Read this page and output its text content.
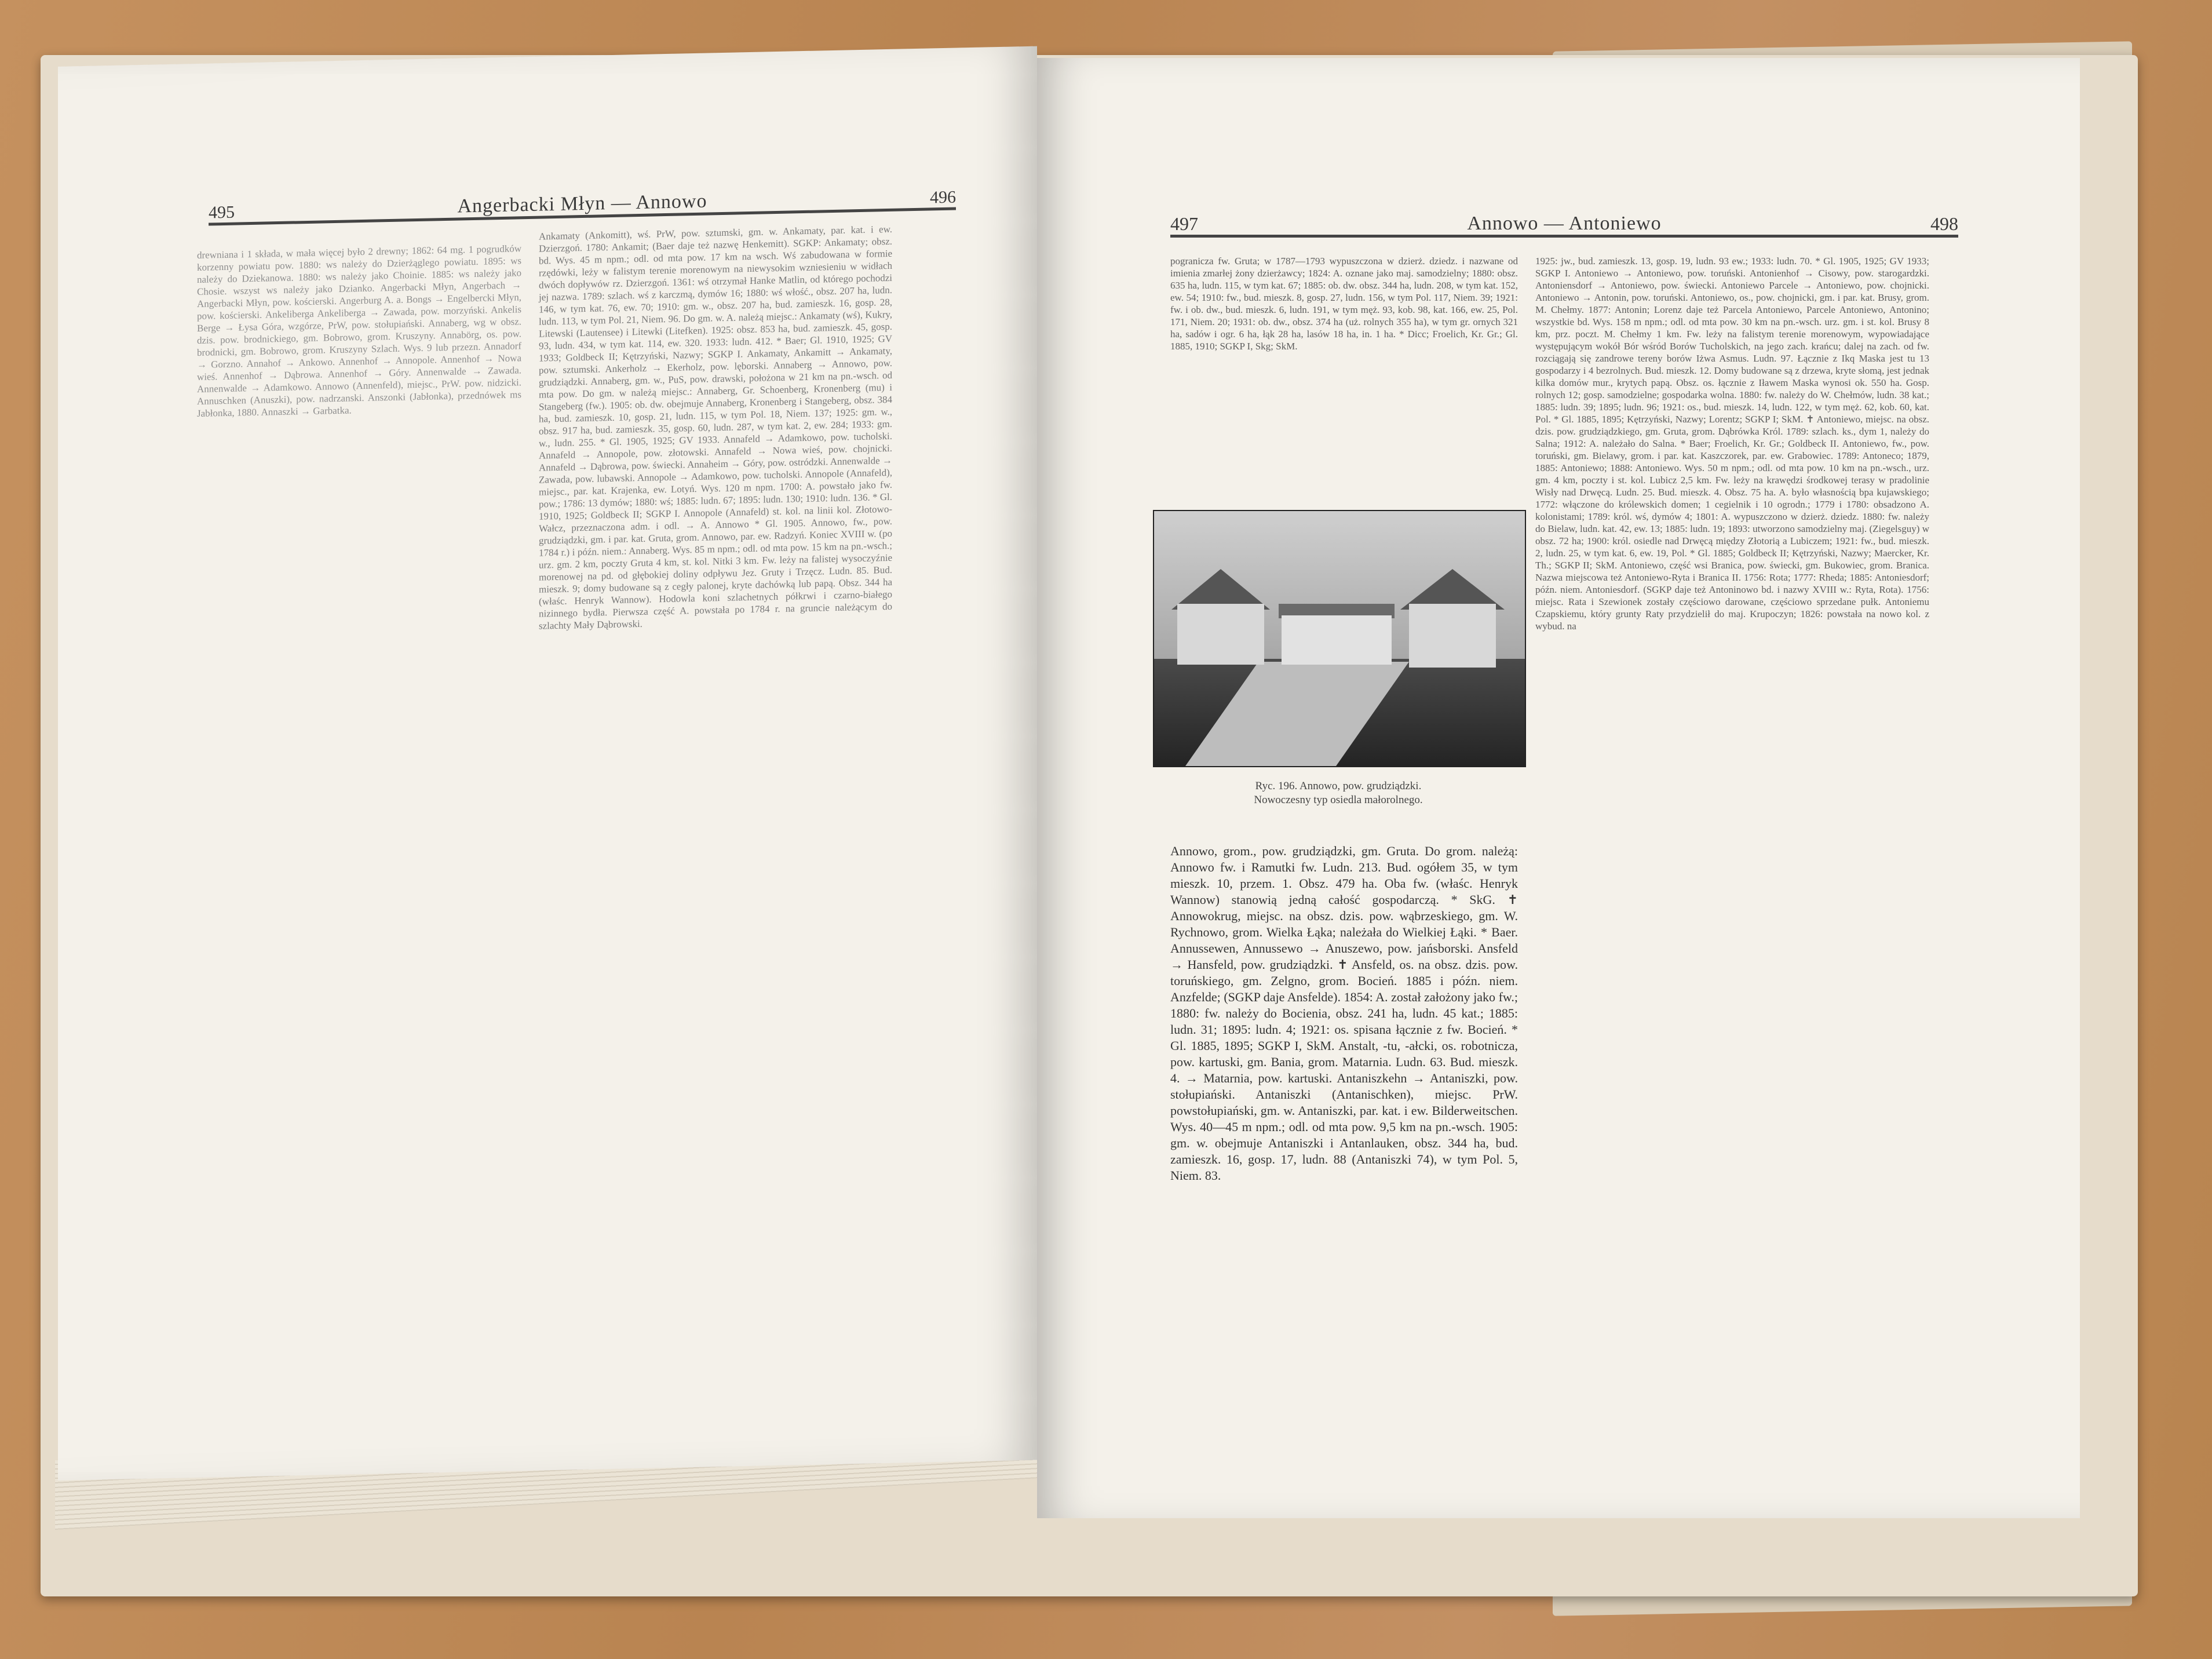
495	Angerbacki Młyn — Annowo	496

drewniana i 1 składa, w mała więcej było 2 drewny; 1862: 64 mg. 1 pogrudków korzenny powiatu pow. 1880: ws należy do Dzierżąglego powiatu. 1895: ws należy do Dziekanowa. 1880: ws należy jako Choinie. 1885: ws należy jako Chosie. wszyst ws należy jako Dzianko. Angerbacki Młyn, Angerbach → Angerbacki Młyn, pow. kościerski. Angerburg A. a. Bongs → Engelbercki Młyn, pow. kościerski. Ankeliberga Ankeliberga → Zawada, pow. morzyński. Ankelis Berge → Łysa Góra, wzgórze, PrW, pow. stołupiański. Annaberg, wg w obsz. dzis. pow. brodnickiego, gm. Bobrowo, grom. Kruszyny. Annabörg, os. pow. brodnicki, gm. Bobrowo, grom. Kruszyny Szlach. Wys. 9 lub przezn. Annadorf → Gorzno. Annahof → Ankowo. Annenhof → Annopole. Annenhof → Nowa wieś. Annenhof → Dąbrowa. Annenhof → Góry. Annenwalde → Zawada. Annenwalde → Adamkowo. Annowo (Annenfeld), miejsc., PrW. pow. nidzicki. Annuschken (Anuszki), pow. nadrzanski. Anszonki (Jabłonka), przednówek ms Jabłonka, 1880. Annaszki → Garbatka.

Ankamaty (Ankomitt), wś. PrW, pow. sztumski, gm. w. Ankamaty, par. kat. i ew. Dzierzgoń. 1780: Ankamit; (Baer daje też nazwę Henkemitt). SGKP: Ankamaty; obsz. bd. Wys. 45 m npm.; odl. od mta pow. 17 km na wsch. Wś zabudowana w formie rzędówki, leży w falistym terenie morenowym na niewysokim wzniesieniu w widłach dwóch dopływów rz. Dzierzgoń. 1361: wś otrzymał Hanke Matlin, od którego pochodzi jej nazwa. 1789: szlach. wś z karczmą, dymów 16; 1880: wś włość., obsz. 207 ha, ludn. 146, w tym kat. 76, ew. 70; 1910: gm. w., obsz. 207 ha, bud. zamieszk. 16, gosp. 28, ludn. 113, w tym Pol. 21, Niem. 96. Do gm. w. A. należą miejsc.: Ankamaty (wś), Kukry, Litewski (Lautensee) i Litewki (Litefken). 1925: obsz. 853 ha, bud. zamieszk. 45, gosp. 93, ludn. 434, w tym kat. 114, ew. 320. 1933: ludn. 412. * Baer; Gl. 1910, 1925; GV 1933; Goldbeck II; Kętrzyński, Nazwy; SGKP I. Ankamaty, Ankamitt → Ankamaty, pow. sztumski. Ankerholz → Ekerholz, pow. lęborski. Annaberg → Annowo, pow. grudziądzki. Annaberg, gm. w., PuS, pow. drawski, położona w 21 km na pn.-wsch. od mta pow. Do gm. w należą miejsc.: Annaberg, Gr. Schoenberg, Kronenberg (mu) i Stangeberg (fw.). 1905: ob. dw. obejmuje Annaberg, Kronenberg i Stangeberg, obsz. 384 ha, bud. zamieszk. 10, gosp. 21, ludn. 115, w tym Pol. 18, Niem. 137; 1925: gm. w., obsz. 917 ha, bud. zamieszk. 35, gosp. 60, ludn. 287, w tym kat. 2, ew. 284; 1933: gm. w., ludn. 255. * Gl. 1905, 1925; GV 1933. Annafeld → Adamkowo, pow. tucholski. Annafeld → Annopole, pow. złotowski. Annafeld → Nowa wieś, pow. chojnicki. Annafeld → Dąbrowa, pow. świecki. Annaheim → Góry, pow. ostródzki. Annenwalde → Zawada, pow. lubawski. Annopole → Adamkowo, pow. tucholski. Annopole (Annafeld), miejsc., par. kat. Krajenka, ew. Lotyń. Wys. 120 m npm. 1700: A. powstało jako fw. pow.; 1786: 13 dymów; 1880: wś; 1885: ludn. 67; 1895: ludn. 130; 1910: ludn. 136. * Gl. 1910, 1925; Goldbeck II; SGKP I. Annopole (Annafeld) st. kol. na linii kol. Złotowo-Wałcz, przeznaczona adm. i odl. → A. Annowo * Gl. 1905. Annowo, fw., pow. grudziądzki, gm. i par. kat. Gruta, grom. Annowo, par. ew. Radzyń. Koniec XVIII w. (po 1784 r.) i późn. niem.: Annaberg. Wys. 85 m npm.; odl. od mta pow. 15 km na pn.-wsch.; urz. gm. 2 km, poczty Gruta 4 km, st. kol. Nitki 3 km. Fw. leży na falistej wysoczyźnie morenowej na pd. od głębokiej doliny odpływu Jez. Gruty i Trzęcz. Ludn. 85. Bud. mieszk. 9; domy budowane są z cegły palonej, kryte dachówką lub papą. Obsz. 344 ha (właśc. Henryk Wannow). Hodowla koni szlachetnych półkrwi i czarno-białego nizinnego bydła. Pierwsza część A. powstała po 1784 r. na gruncie należącym do szlachty Mały Dąbrowski.

497	Annowo — Antoniewo	498

pogranicza fw. Gruta; w 1787—1793 wypuszczona w dzierż. dziedz. i nazwane od imienia zmarłej żony dzierżawcy; 1824: A. oznane jako maj. samodzielny; 1880: obsz. 635 ha, ludn. 115, w tym kat. 67; 1885: ob. dw. obsz. 344 ha, ludn. 208, w tym kat. 152, ew. 54; 1910: fw., bud. mieszk. 8, gosp. 27, ludn. 156, w tym Pol. 117, Niem. 39; 1921: fw. i ob. dw., bud. mieszk. 6, ludn. 191, w tym męż. 93, kob. 98, kat. 166, ew. 25, Pol. 171, Niem. 20; 1931: ob. dw., obsz. 374 ha (uż. rolnych 355 ha), w tym gr. ornych 321 ha, sadów i ogr. 6 ha, łąk 28 ha, lasów 18 ha, in. 1 ha. * Dicc; Froelich, Kr. Gr.; Gl. 1885, 1910; SGKP I, Skg; SkM.

Ryc. 196. Annowo, pow. grudziądzki.
Nowoczesny typ osiedla małorolnego.

Annowo, grom., pow. grudziądzki, gm. Gruta. Do grom. należą: Annowo fw. i Ramutki fw. Ludn. 213. Bud. ogółem 35, w tym mieszk. 10, przem. 1. Obsz. 479 ha. Oba fw. (właśc. Henryk Wannow) stanowią jedną całość gospodarczą. * SkG. ✝ Annowokrug, miejsc. na obsz. dzis. pow. wąbrzeskiego, gm. W. Rychnowo, grom. Wielka Łąka; należała do Wielkiej Łąki. * Baer. Annussewen, Annussewo → Anuszewo, pow. jańsborski. Ansfeld → Hansfeld, pow. grudziądzki. ✝ Ansfeld, os. na obsz. dzis. pow. toruńskiego, gm. Zelgno, grom. Bocień. 1885 i późn. niem. Anzfelde; (SGKP daje Ansfelde). 1854: A. został założony jako fw.; 1880: fw. należy do Bocienia, obsz. 241 ha, ludn. 45 kat.; 1885: ludn. 31; 1895: ludn. 4; 1921: os. spisana łącznie z fw. Bocień. * Gl. 1885, 1895; SGKP I, SkM. Anstalt, -tu, -ałcki, os. robotnicza, pow. kartuski, gm. Bania, grom. Matarnia. Ludn. 63. Bud. mieszk. 4. → Matarnia, pow. kartuski. Antaniszkehn → Antaniszki, pow. stołupiański. Antaniszki (Antanischken), miejsc. PrW. powstołupiański, gm. w. Antaniszki, par. kat. i ew. Bilderweitschen. Wys. 40—45 m npm.; odl. od mta pow. 9,5 km na pn.-wsch. 1905: gm. w. obejmuje Antaniszki i Antanlauken, obsz. 344 ha, bud. zamieszk. 16, gosp. 17, ludn. 88 (Antaniszki 74), w tym Pol. 5, Niem. 83.

1925: jw., bud. zamieszk. 13, gosp. 19, ludn. 93 ew.; 1933: ludn. 70. * Gl. 1905, 1925; GV 1933; SGKP I. Antoniewo → Antoniewo, pow. toruński. Antonienhof → Cisowy, pow. starogardzki. Antoniensdorf → Antoniewo, pow. świecki. Antoniewo Parcele → Antoniewo, pow. chojnicki. Antoniewo → Antonin, pow. toruński. Antoniewo, os., pow. chojnicki, gm. i par. kat. Brusy, grom. M. Chełmy. 1877: Antonin; Lorenz daje też Parcela Antoniewo, Parcele Antoniewo, Antonino; wszystkie bd. Wys. 158 m npm.; odl. od mta pow. 30 km na pn.-wsch. urz. gm. i st. kol. Brusy 8 km, prz. poczt. M. Chełmy 1 km. Fw. leży na falistym terenie morenowym, wypowiadające występującym wokół Bór wśród Borów Tucholskich, na jego zach. krańcu; dalej na zach. od fw. rozciągają się zandrowe tereny borów Iżwa Asmus. Ludn. 97. Łącznie z Ikq Maska jest tu 13 gospodarzy i 4 bezrolnych. Bud. mieszk. 12. Domy budowane są z drzewa, kryte słomą, jest jednak kilka domów mur., krytych papą. Obsz. os. łącznie z Iławem Maska wynosi ok. 550 ha. Gosp. rolnych 12; gosp. samodzielne; gospodarka wolna. 1880: fw. należy do W. Chełmów, ludn. 38 kat.; 1885: ludn. 39; 1895; ludn. 96; 1921: os., bud. mieszk. 14, ludn. 122, w tym męż. 62, kob. 60, kat. Pol. * Gl. 1885, 1895; Kętrzyński, Nazwy; Lorentz; SGKP I; SkM. ✝ Antoniewo, miejsc. na obsz. dzis. pow. grudziądzkiego, gm. Gruta, grom. Dąbrówka Król. 1789: szlach. ks., dym 1, należy do Salna; 1912: A. należało do Salna. * Baer; Froelich, Kr. Gr.; Goldbeck II. Antoniewo, fw., pow. toruński, gm. Bielawy, grom. i par. kat. Kaszczorek, par. ew. Grabowiec. 1789: Antoneco; 1879, 1885: Antoniewo; 1888: Antoniewo. Wys. 50 m npm.; odl. od mta pow. 10 km na pn.-wsch., urz. gm. 4 km, poczty i st. kol. Lubicz 2,5 km. Fw. leży na krawędzi środkowej terasy w pradolinie Wisły nad Drwęcą. Ludn. 25. Bud. mieszk. 4. Obsz. 75 ha. A. było własnością bpa kujawskiego; 1772: włączone do królewskich domen; 1 cegielnik i 10 ogrodn.; 1779 i 1780: obsadzono A. kolonistami; 1789: król. wś, dymów 4; 1801: A. wypuszczono w dzierż. dziedz. 1880: fw. należy do Bielaw, ludn. kat. 42, ew. 13; 1885: ludn. 19; 1893: utworzono samodzielny maj. (Ziegelsguy) w obsz. 72 ha; 1900: król. osiedle nad Drwęcą między Złotorią a Lubiczem; 1921: fw., bud. mieszk. 2, ludn. 25, w tym kat. 6, ew. 19, Pol. * Gl. 1885; Goldbeck II; Kętrzyński, Nazwy; Maercker, Kr. Th.; SGKP II; SkM. Antoniewo, część wsi Branica, pow. świecki, gm. Bukowiec, grom. Branica. Nazwa miejscowa też Antoniewo-Ryta i Branica II. 1756: Rota; 1777: Rheda; 1885: Antoniesdorf; późn. niem. Antoniesdorf. (SGKP daje też Antoninowo bd. i nazwy XVIII w.: Ryta, Rota). 1756: miejsc. Rata i Szewionek zostały częściowo darowane, częściowo sprzedane pułk. Antoniemu Czapskiemu, który grunty Raty przydzielił do maj. Krupoczyn; 1826: powstała na nowo kol. z wybud. na
